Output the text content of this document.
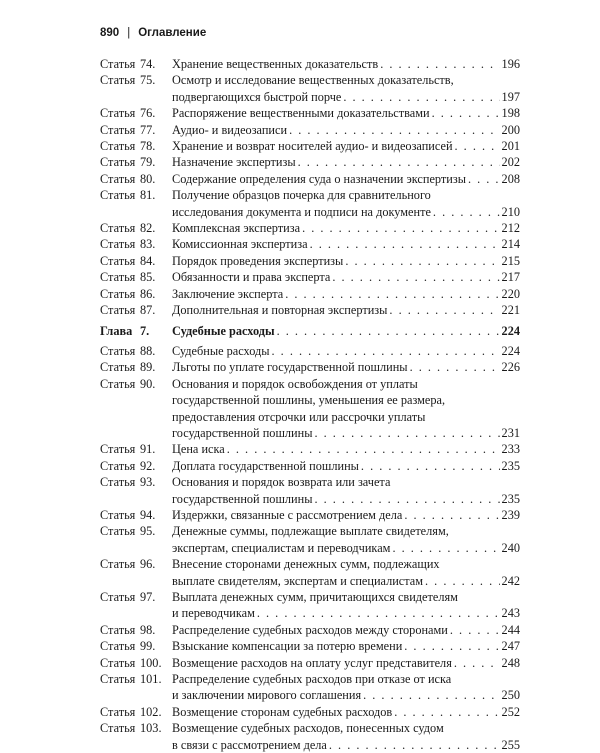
890 | Оглавление
Статья 74.	Хранение вещественных доказательств . . .	196
Статья 75.	Осмотр и исследование вещественных доказательств,
подвергающихся быстрой порче . . .	197
Статья 76.	Распоряжение вещественными доказательствами . . .	198
Статья 77.	Аудио- и видеозаписи . . .	200
Статья 78.	Хранение и возврат носителей аудио- и видеозаписей . . .	201
Статья 79.	Назначение экспертизы . . .	202
Статья 80.	Содержание определения суда о назначении экспертизы . . .	208
Статья 81.	Получение образцов почерка для сравнительного
исследования документа и подписи на документе . . .	210
Статья 82.	Комплексная экспертиза . . .	212
Статья 83.	Комиссионная экспертиза . . .	214
Статья 84.	Порядок проведения экспертизы . . .	215
Статья 85.	Обязанности и права эксперта . . .	217
Статья 86.	Заключение эксперта . . .	220
Статья 87.	Дополнительная и повторная экспертизы . . .	221
Глава 7.	Судебные расходы . . .	224
Статья 88.	Судебные расходы . . .	224
Статья 89.	Льготы по уплате государственной пошлины . . .	226
Статья 90.	Основания и порядок освобождения от уплаты
государственной пошлины, уменьшения ее размера,
предоставления отсрочки или рассрочки уплаты
государственной пошлины . . .	231
Статья 91.	Цена иска . . .	233
Статья 92.	Доплата государственной пошлины . . .	235
Статья 93.	Основания и порядок возврата или зачета
государственной пошлины . . .	235
Статья 94.	Издержки, связанные с рассмотрением дела . . .	239
Статья 95.	Денежные суммы, подлежащие выплате свидетелям,
экспертам, специалистам и переводчикам . . .	240
Статья 96.	Внесение сторонами денежных сумм, подлежащих
выплате свидетелям, экспертам и специалистам . . .	242
Статья 97.	Выплата денежных сумм, причитающихся свидетелям
и переводчикам . . .	243
Статья 98.	Распределение судебных расходов между сторонами . . .	244
Статья 99.	Взыскание компенсации за потерю времени . . .	247
Статья 100. Возмещение расходов на оплату услуг представителя . . .	248
Статья 101. Распределение судебных расходов при отказе от иска
и заключении мирового соглашения . . .	250
Статья 102. Возмещение сторонам судебных расходов . . .	252
Статья 103. Возмещение судебных расходов, понесенных судом
в связи с рассмотрением дела . . .	255
